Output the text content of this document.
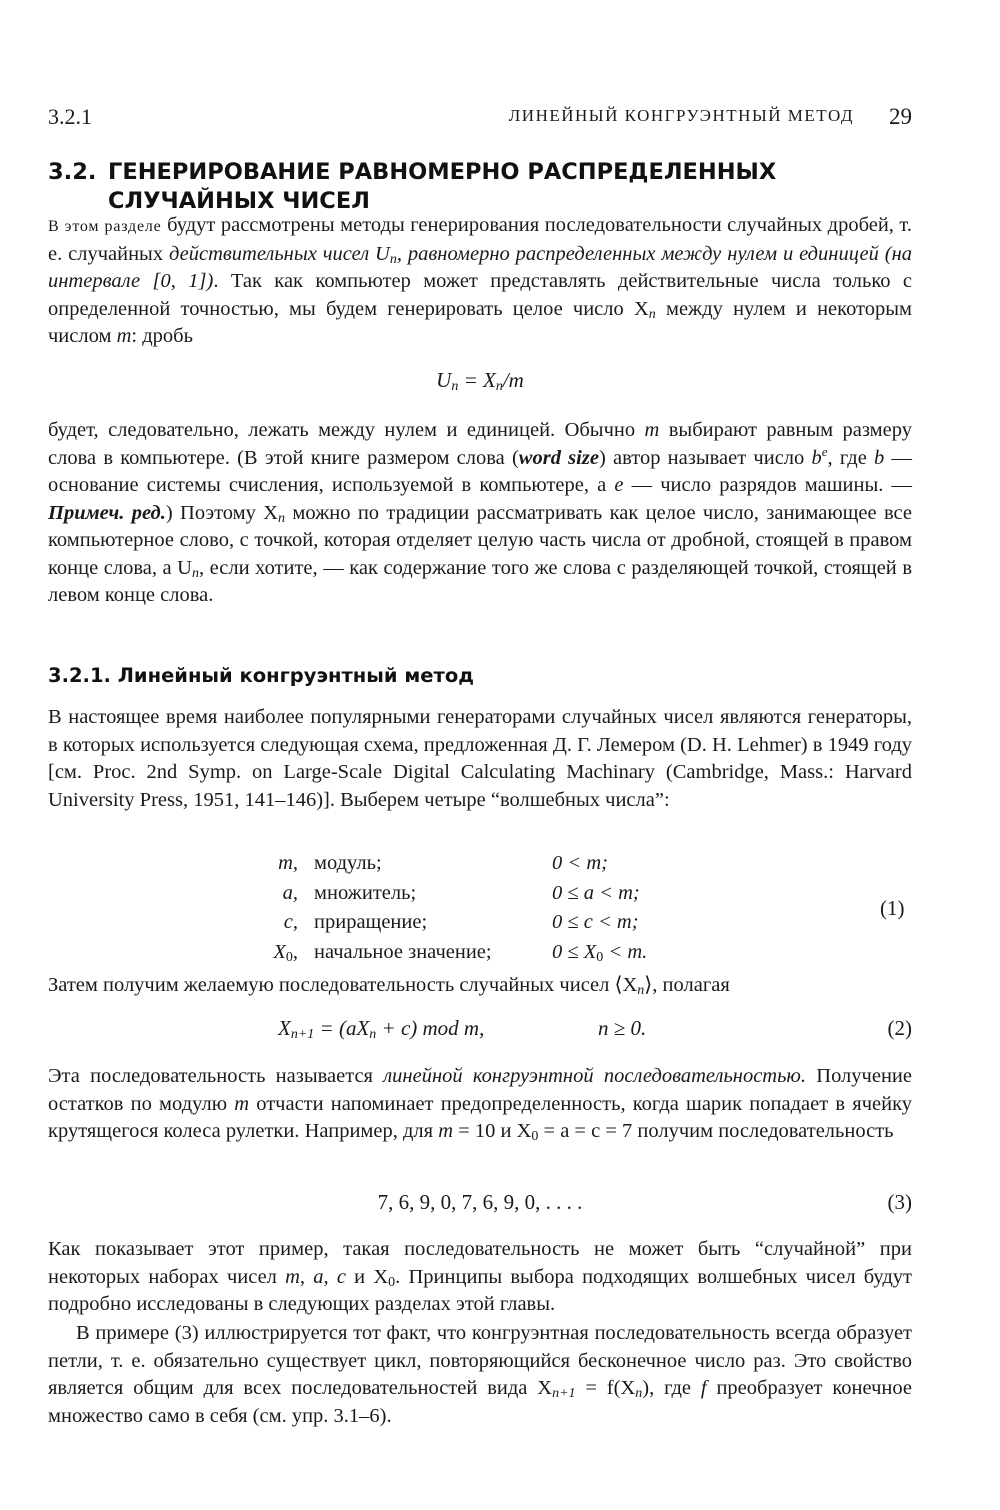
3.2.1	ЛИНЕЙНЫЙ КОНГРУЭНТНЫЙ МЕТОД 29
3.2. ГЕНЕРИРОВАНИЕ РАВНОМЕРНО РАСПРЕДЕЛЕННЫХ
СЛУЧАЙНЫХ ЧИСЕЛ

В этом разделе будут рассмотрены методы генерирования последовательности случайных дробей, т. е. случайных действительных чисел $U_n$, равномерно распределенных между нулем и единицей (на интервале [0, 1]). Так как компьютер может представлять действительные числа только с определенной точностью, мы будем генерировать целое число $X_n$ между нулем и некоторым числом m: дробь

$U_n = X_n/m$

будет, следовательно, лежать между нулем и единицей. Обычно m выбирают равным размеру слова в компьютере. (В этой книге размером слова (word size) автор называет число $b^e$, где b — основание системы счисления, используемой в компьютере, а e — число разрядов машины. — Примеч. ред.) Поэтому $X_n$ можно по традиции рассматривать как целое число, занимающее все компьютерное слово, с точкой, которая отделяет целую часть числа от дробной, стоящей в правом конце слова, а $U_n$, если хотите, — как содержание того же слова с разделяющей точкой, стоящей в левом конце слова.

3.2.1. Линейный конгруэнтный метод

В настоящее время наиболее популярными генераторами случайных чисел являются генераторы, в которых используется следующая схема, предложенная Д. Г. Лемером (D. H. Lehmer) в 1949 году [см. Proc. 2nd Symp. on Large-Scale Digital Calculating Machinary (Cambridge, Mass.: Harvard University Press, 1951, 141–146)]. Выберем четыре “волшебных числа”:

m,	модуль;	0 < m;
a,	множитель;	0 ≤ a < m;
c,	приращение;	0 ≤ c < m;
$X_0$,	начальное значение;	$0 \le X_0 < m$.
(1)

Затем получим желаемую последовательность случайных чисел $⟨X_n⟩$, полагая

$X_{n+1} = (aX_n + c)$ mod m,	n ≥ 0.	(2)

Эта последовательность называется линейной конгруэнтной последовательностью. Получение остатков по модулю m отчасти напоминает предопределенность, когда шарик попадает в ячейку крутящегося колеса рулетки. Например, для m = 10 и $X_0 = a = c = 7$ получим последовательность

7, 6, 9, 0, 7, 6, 9, 0, . . . .	(3)

Как показывает этот пример, такая последовательность не может быть “случайной” при некоторых наборах чисел m, a, c и $X_0$. Принципы выбора подходящих волшебных чисел будут подробно исследованы в следующих разделах этой главы.

В примере (3) иллюстрируется тот факт, что конгруэнтная последовательность всегда образует петли, т. е. обязательно существует цикл, повторяющийся бесконечное число раз. Это свойство является общим для всех последовательностей вида $X_{n+1} = f(X_n)$, где f преобразует конечное множество само в себя (см. упр. 3.1–6).
